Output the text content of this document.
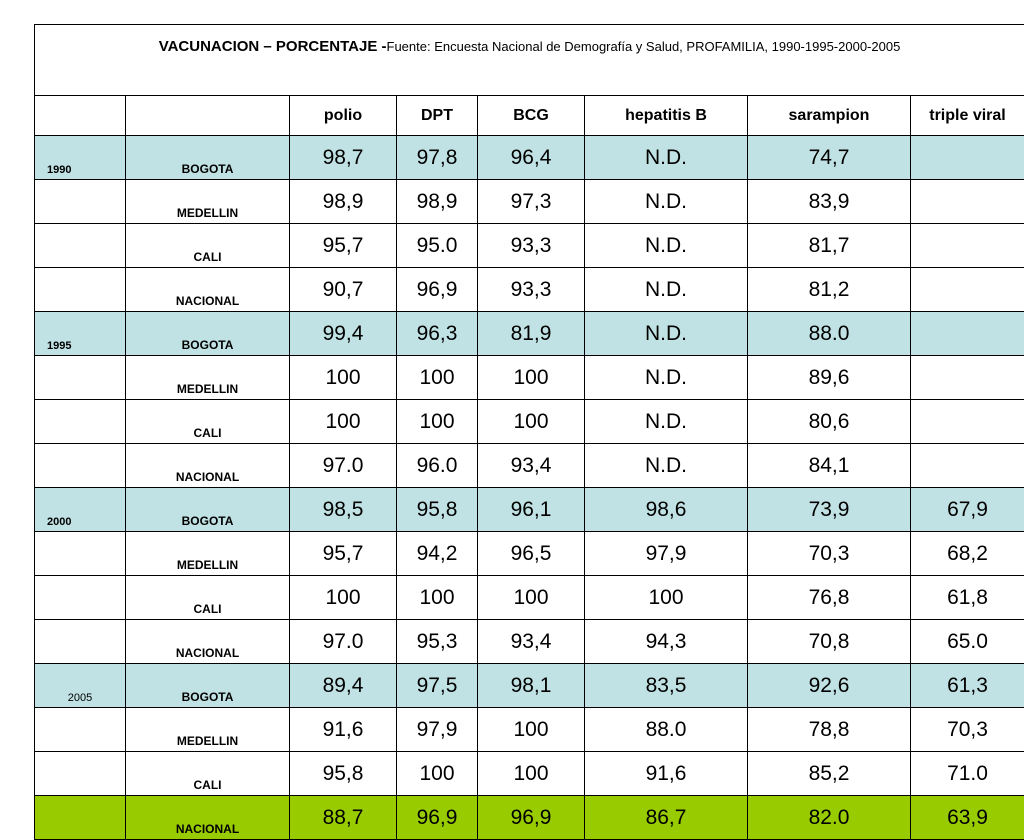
VACUNACION – PORCENTAJE -Fuente: Encuesta Nacional de Demografía y Salud, PROFAMILIA, 1990-1995-2000-2005							
		polio	DPT	BCG	hepatitis B	sarampion	triple viral
1990	BOGOTA	98,7	97,8	96,4	N.D.	74,7	
	MEDELLIN	98,9	98,9	97,3	N.D.	83,9	
	CALI	95,7	95.0	93,3	N.D.	81,7	
	NACIONAL	90,7	96,9	93,3	N.D.	81,2	
1995	BOGOTA	99,4	96,3	81,9	N.D.	88.0	
	MEDELLIN	100	100	100	N.D.	89,6	
	CALI	100	100	100	N.D.	80,6	
	NACIONAL	97.0	96.0	93,4	N.D.	84,1	
2000	BOGOTA	98,5	95,8	96,1	98,6	73,9	67,9
	MEDELLIN	95,7	94,2	96,5	97,9	70,3	68,2
	CALI	100	100	100	100	76,8	61,8
	NACIONAL	97.0	95,3	93,4	94,3	70,8	65.0
2005	BOGOTA	89,4	97,5	98,1	83,5	92,6	61,3
	MEDELLIN	91,6	97,9	100	88.0	78,8	70,3
	CALI	95,8	100	100	91,6	85,2	71.0
	NACIONAL	88,7	96,9	96,9	86,7	82.0	63,9
